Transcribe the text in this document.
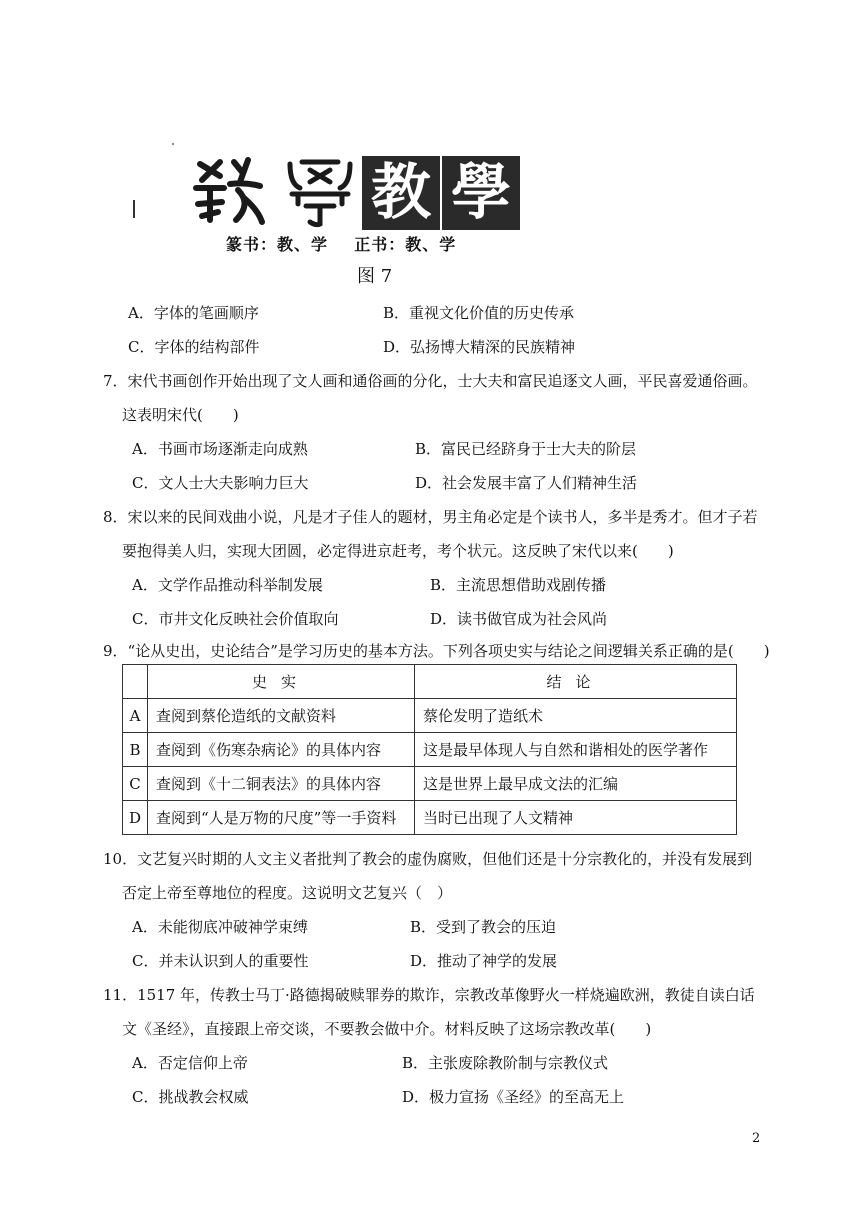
教 學
篆书：教、学    正书：教、学
图 7
A．字体的笔画顺序	B．重视文化价值的历史传承
C．字体的结构部件	D．弘扬博大精深的民族精神
7．宋代书画创作开始出现了文人画和通俗画的分化，士大夫和富民追逐文人画，平民喜爱通俗画。
这表明宋代(　　)
A．书画市场逐渐走向成熟	B．富民已经跻身于士大夫的阶层
C．文人士大夫影响力巨大	D．社会发展丰富了人们精神生活
8．宋以来的民间戏曲小说，凡是才子佳人的题材，男主角必定是个读书人，多半是秀才。但才子若
要抱得美人归，实现大团圆，必定得进京赶考，考个状元。这反映了宋代以来(　　)
A．文学作品推动科举制发展	B．主流思想借助戏剧传播
C．市井文化反映社会价值取向	D．读书做官成为社会风尚
9．“论从史出，史论结合”是学习历史的基本方法。下列各项史实与结论之间逻辑关系正确的是(　　)
	史实	结论
A	查阅到蔡伦造纸的文献资料	蔡伦发明了造纸术
B	查阅到《伤寒杂病论》的具体内容	这是最早体现人与自然和谐相处的医学著作
C	查阅到《十二铜表法》的具体内容	这是世界上最早成文法的汇编
D	查阅到“人是万物的尺度”等一手资料	当时已出现了人文精神
10．文艺复兴时期的人文主义者批判了教会的虚伪腐败，但他们还是十分宗教化的，并没有发展到
否定上帝至尊地位的程度。这说明文艺复兴（　）
A．未能彻底冲破神学束缚	B．受到了教会的压迫
C．并未认识到人的重要性	D．推动了神学的发展
11．1517 年，传教士马丁·路德揭破赎罪券的欺诈，宗教改革像野火一样烧遍欧洲，教徒自读白话
文《圣经》，直接跟上帝交谈，不要教会做中介。材料反映了这场宗教改革(　　)
A．否定信仰上帝	B．主张废除教阶制与宗教仪式
C．挑战教会权威	D．极力宣扬《圣经》的至高无上
2
